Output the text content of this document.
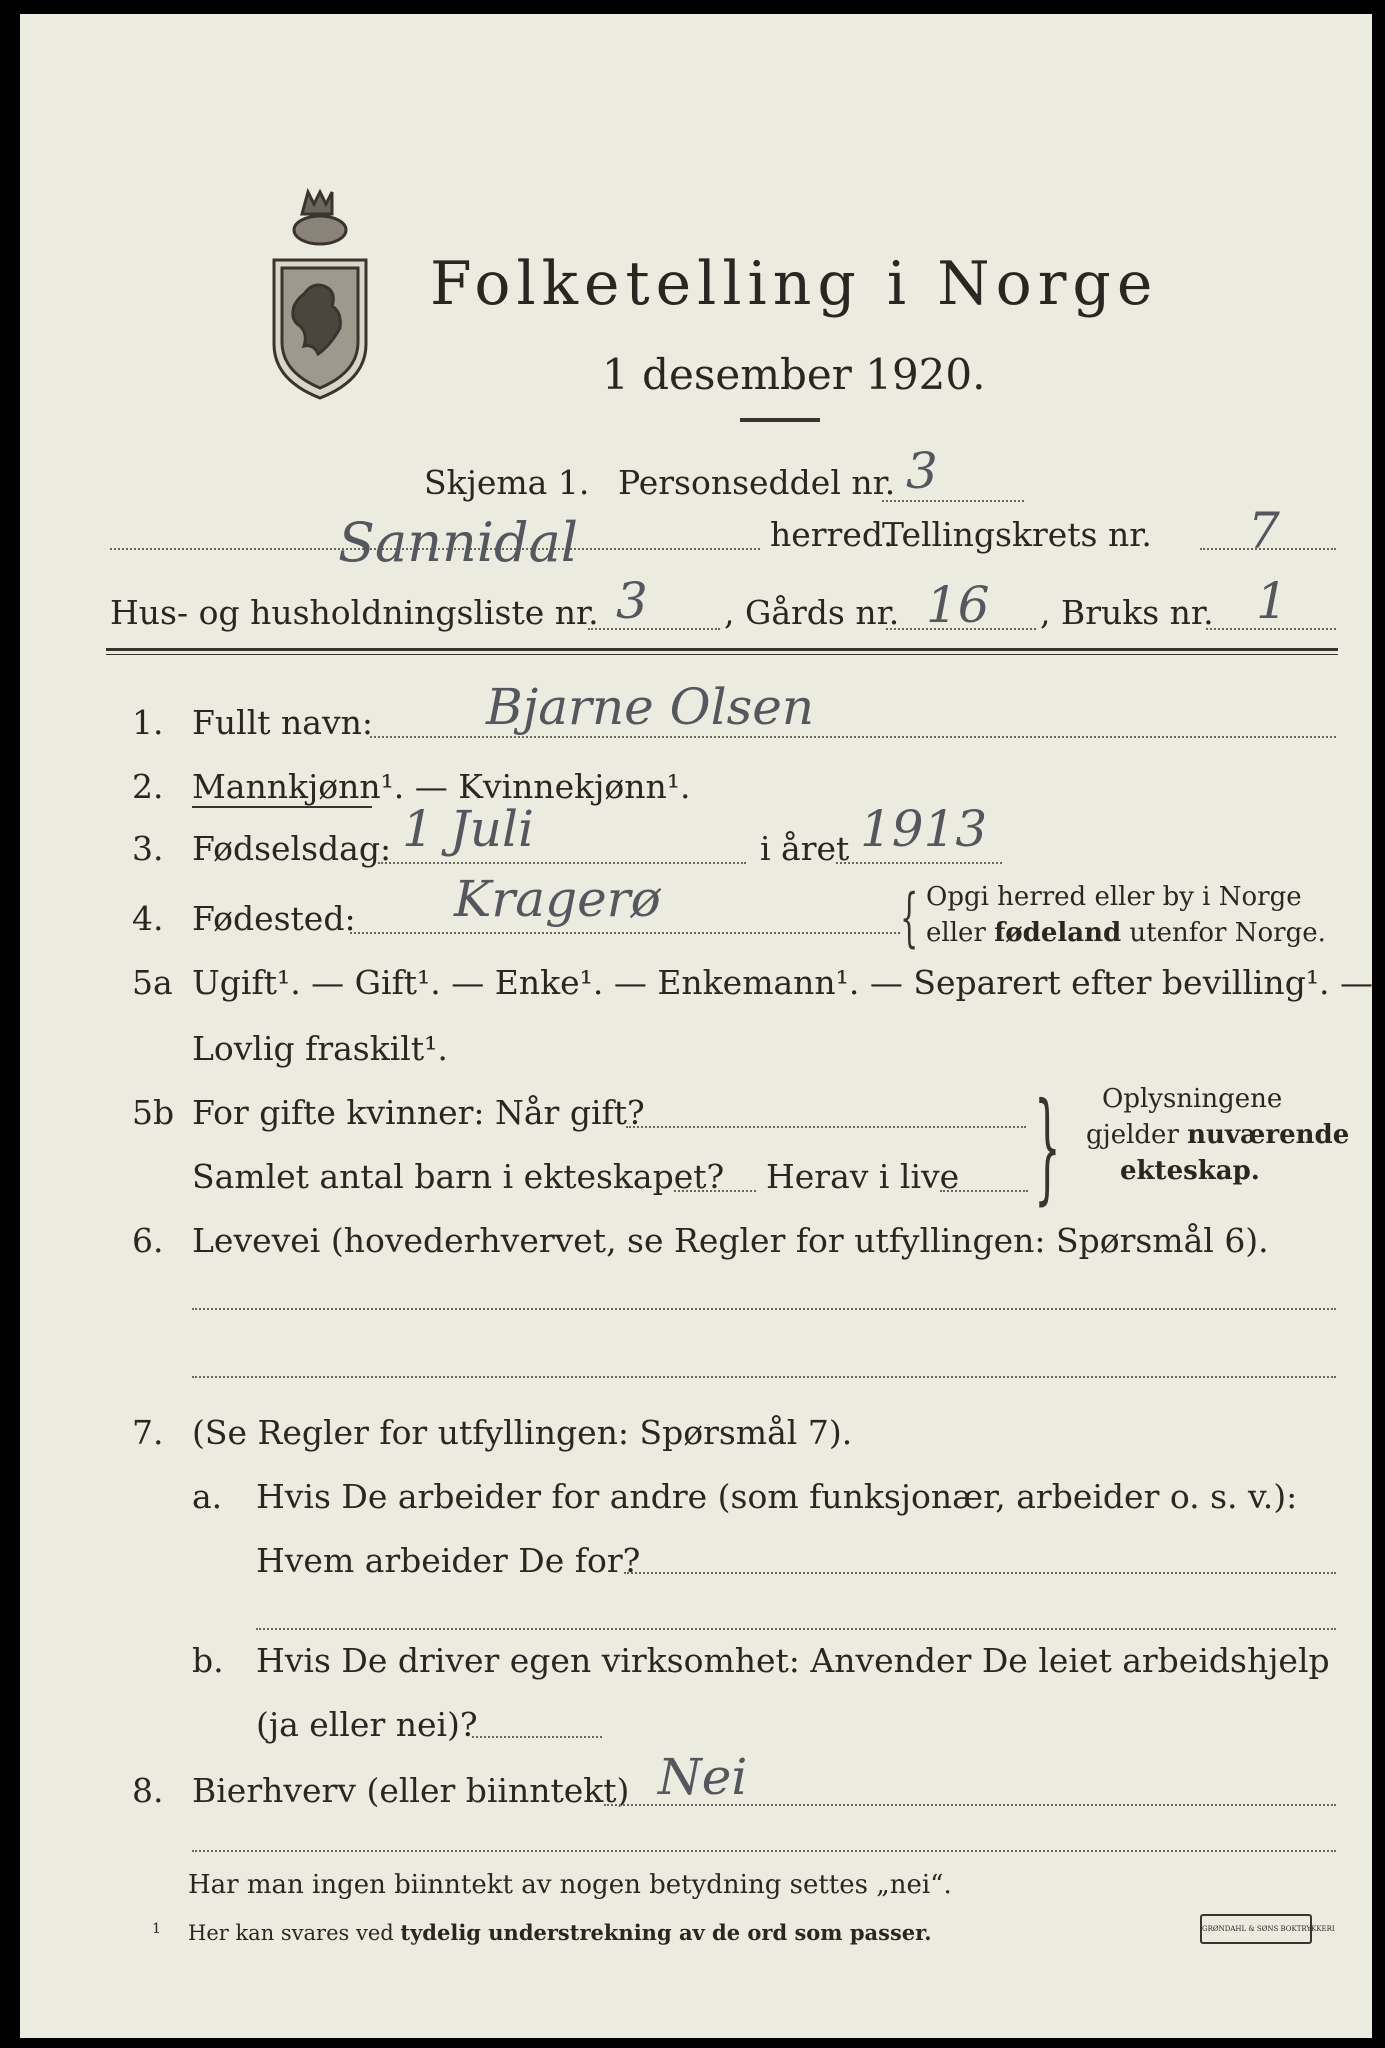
Folketelling i Norge
1 desember 1920.
Skjema 1. Personseddel nr. 3
Sannidal	herred.
Tellingskrets nr. 7
Hus- og husholdningsliste nr. 3 , Gårds nr. 16 , Bruks nr. 1
1. Fullt navn: Bjarne Olsen
2. Mannkjønn¹. — Kvinnekjønn¹.
3. Fødselsdag: 1 Juli	i året 1913
4. Fødested: Kragerø	{ Opgi herred eller by i Norge
eller fødeland utenfor Norge.
5a Ugift¹. — Gift¹. — Enke¹. — Enkemann¹. — Separert efter bevilling¹. —
Lovlig fraskilt¹.
5b For gifte kvinner: Når gift?
Samlet antal barn i ekteskapet? Herav i live } Oplysningene
gjelder nuværende
ekteskap.
6. Levevei (hovederhvervet, se Regler for utfyllingen: Spørsmål 6).
7. (Se Regler for utfyllingen: Spørsmål 7).
a. Hvis De arbeider for andre (som funksjonær, arbeider o. s. v.):
Hvem arbeider De for?
b. Hvis De driver egen virksomhet: Anvender De leiet arbeidshjelp
(ja eller nei)?
8. Bierhverv (eller biinntekt) Nei
Har man ingen biinntekt av nogen betydning settes „nei“.
1 Her kan svares ved tydelig understrekning av de ord som passer.	GRØNDAHL & SØNS BOKTRYKKERI
